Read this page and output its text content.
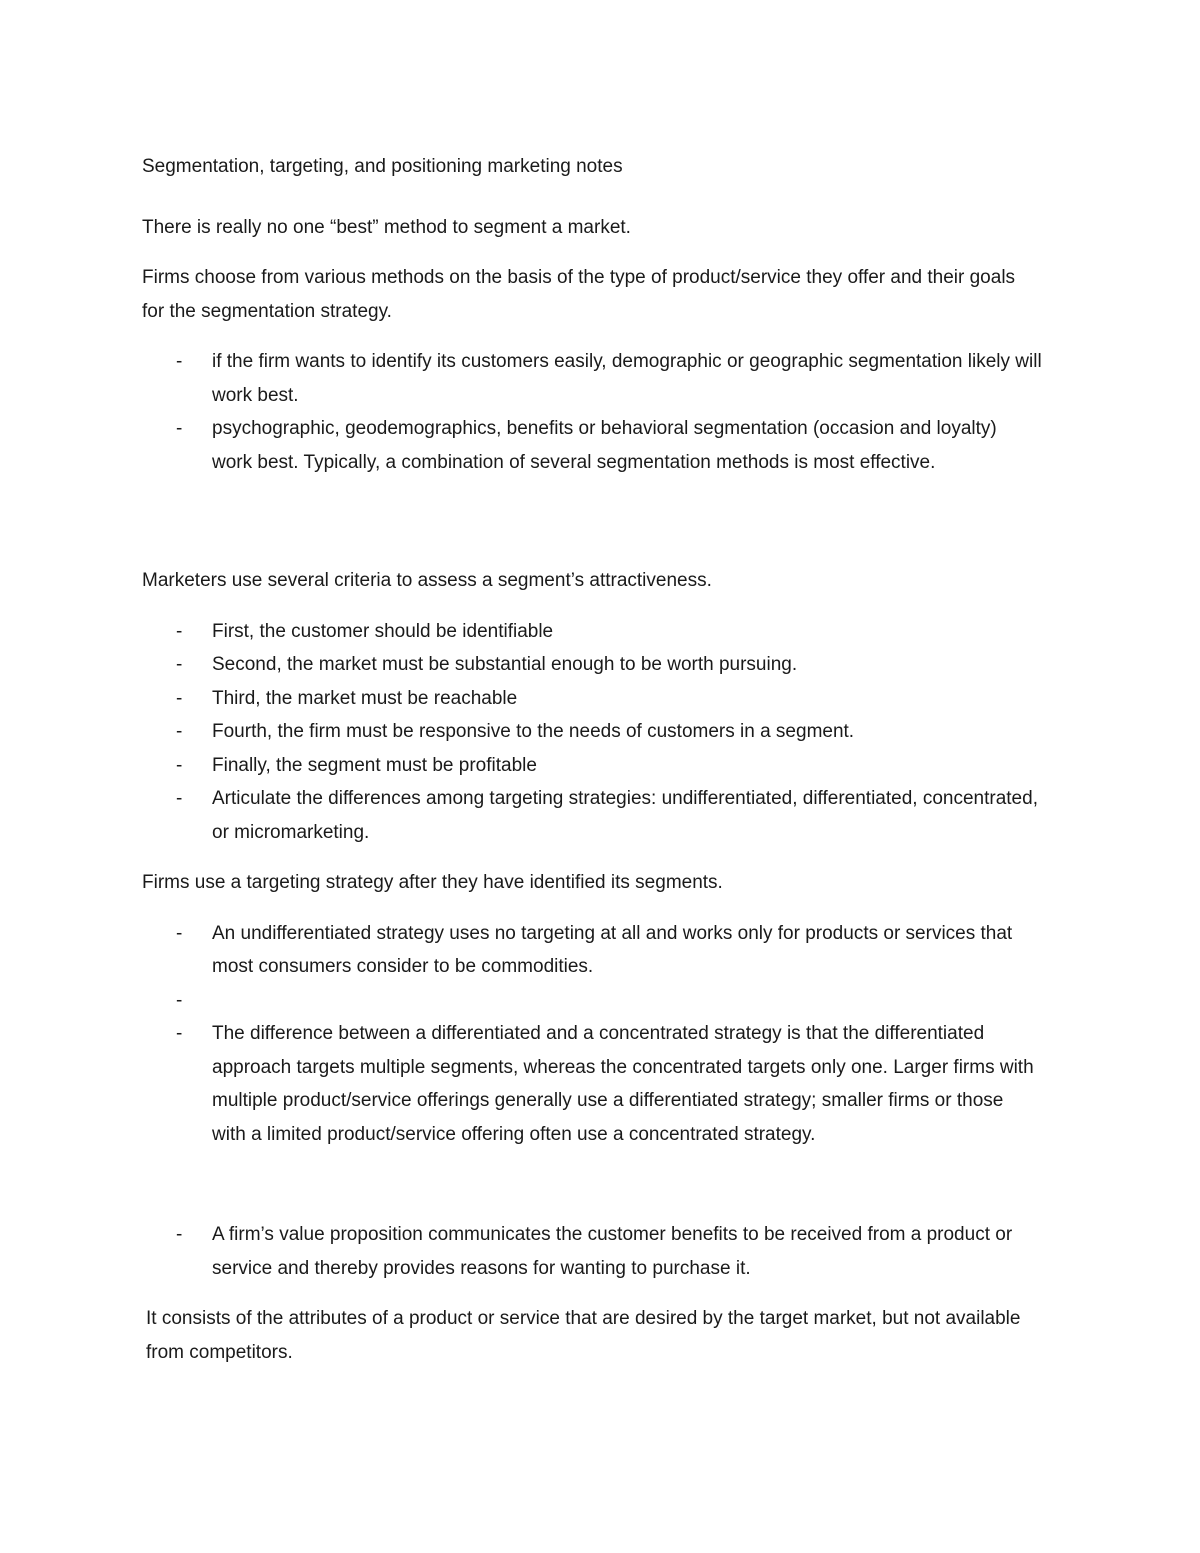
Segmentation, targeting, and positioning marketing notes

There is really no one “best” method to segment a market.

Firms choose from various methods on the basis of the type of product/service they offer and their goals for the segmentation strategy.

- if the firm wants to identify its customers easily, demographic or geographic segmentation likely will work best.
- psychographic, geodemographics, benefits or behavioral segmentation (occasion and loyalty) work best. Typically, a combination of several segmentation methods is most effective.

Marketers use several criteria to assess a segment’s attractiveness.

- First, the customer should be identifiable
- Second, the market must be substantial enough to be worth pursuing.
- Third, the market must be reachable
- Fourth, the firm must be responsive to the needs of customers in a segment.
- Finally, the segment must be profitable
- Articulate the differences among targeting strategies: undifferentiated, differentiated, concentrated, or micromarketing.

Firms use a targeting strategy after they have identified its segments.

- An undifferentiated strategy uses no targeting at all and works only for products or services that most consumers consider to be commodities.
-
- The difference between a differentiated and a concentrated strategy is that the differentiated approach targets multiple segments, whereas the concentrated targets only one. Larger firms with multiple product/service offerings generally use a differentiated strategy; smaller firms or those with a limited product/service offering often use a concentrated strategy.
- A firm’s value proposition communicates the customer benefits to be received from a product or service and thereby provides reasons for wanting to purchase it.

It consists of the attributes of a product or service that are desired by the target market, but not available from competitors.
